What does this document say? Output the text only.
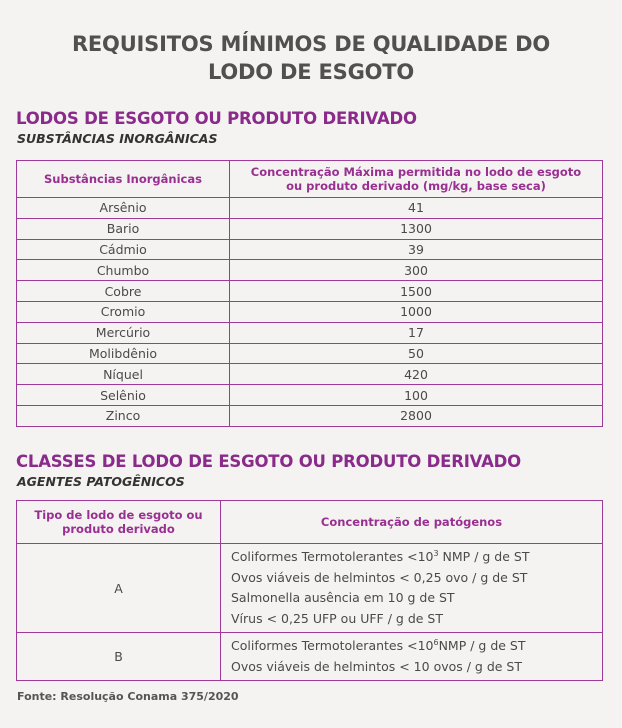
REQUISITOS MÍNIMOS DE QUALIDADE DO
LODO DE ESGOTO
LODOS DE ESGOTO OU PRODUTO DERIVADO
SUBSTÂNCIAS INORGÂNICAS
Substâncias Inorgânicas	Concentração Máxima permitida no lodo de esgoto ou produto derivado (mg/kg, base seca)
Arsênio	41
Bario	1300
Cádmio	39
Chumbo	300
Cobre	1500
Cromio	1000
Mercúrio	17
Molibdênio	50
Níquel	420
Selênio	100
Zinco	2800
CLASSES DE LODO DE ESGOTO OU PRODUTO DERIVADO
AGENTES PATOGÊNICOS
Tipo de lodo de esgoto ou produto derivado	Concentração de patógenos
A	Coliformes Termotolerantes $<10^3$ NMP / g de ST
Ovos viáveis de helmintos < 0,25 ovo / g de ST
Salmonella ausência em 10 g de ST
Vírus < 0,25 UFP ou UFF / g de ST

B	Coliformes Termotolerantes $<10^6NMP / g$ de ST
Ovos viáveis de helmintos < 10 ovos / g de ST
Fonte: Resolução Conama 375/2020
